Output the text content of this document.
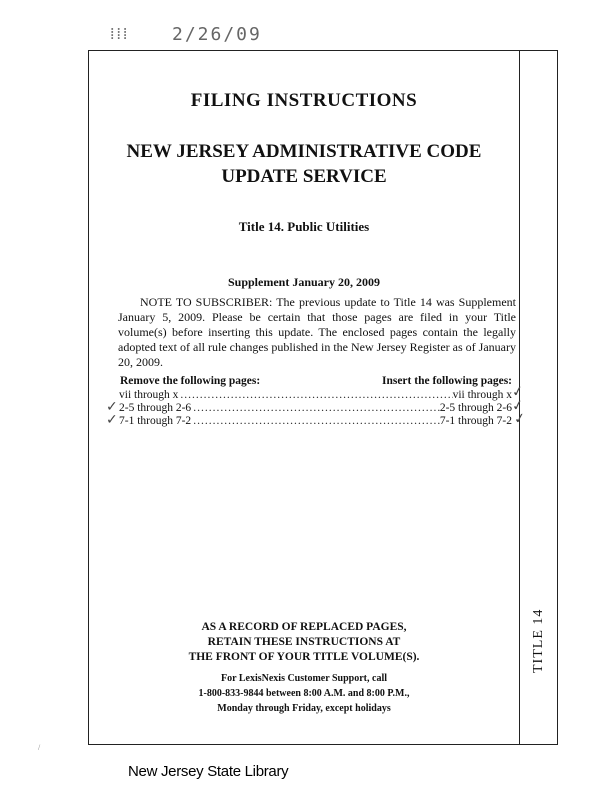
⁞⁞⁞ 2/26/09
TITLE 14
FILING INSTRUCTIONS
NEW JERSEY ADMINISTRATIVE CODE
UPDATE SERVICE
Title 14. Public Utilities
Supplement January 20, 2009
NOTE TO SUBSCRIBER: The previous update to Title 14 was Supplement January 5, 2009. Please be certain that those pages are filed in your Title volume(s) before inserting this update. The enclosed pages contain the legally adopted text of all rule changes published in the New Jersey Register as of January 20, 2009.
Remove the following pages:	Insert the following pages:
vii through x .....	vii through x
2-5 through 2-6 .....	2-5 through 2-6
7-1 through 7-2 .....	7-1 through 7-2
✓
✓
✓
✓
✓
AS A RECORD OF REPLACED PAGES,
RETAIN THESE INSTRUCTIONS AT
THE FRONT OF YOUR TITLE VOLUME(S).
For LexisNexis Customer Support, call
1-800-833-9844 between 8:00 A.M. and 8:00 P.M.,
Monday through Friday, except holidays
/
New Jersey State Library
